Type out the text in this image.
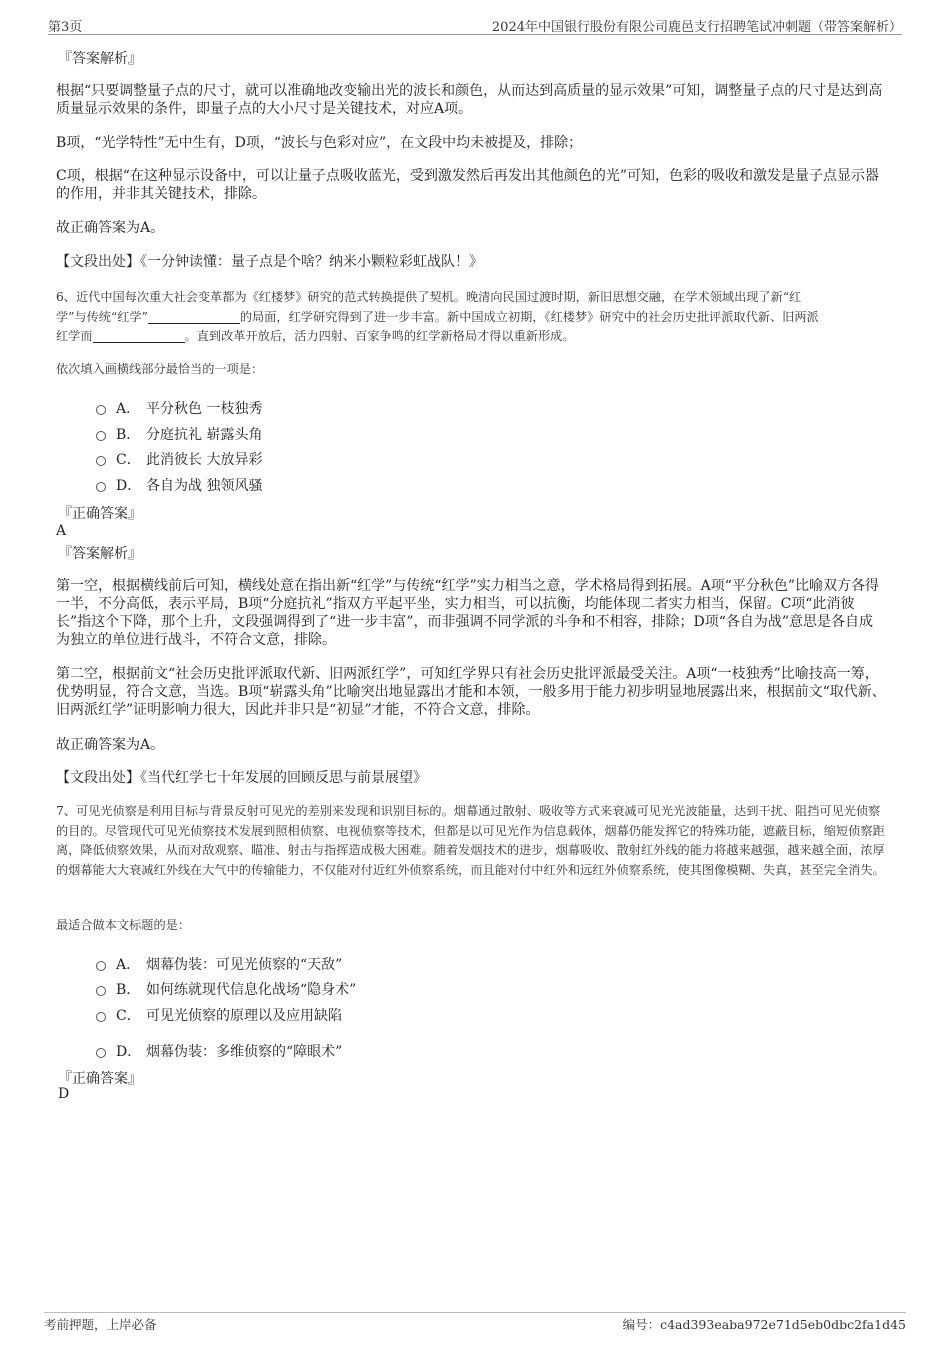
第3页	2024年中国银行股份有限公司鹿邑支行招聘笔试冲刺题（带答案解析）
『答案解析』

根据“只要调整量子点的尺寸，就可以准确地改变输出光的波长和颜色，从而达到高质量的显示效果”可知，调整量子点的尺寸是达到高质量显示效果的条件，即量子点的大小尺寸是关键技术，对应A项。

B项，“光学特性”无中生有，D项，“波长与色彩对应”，在文段中均未被提及，排除；

C项，根据“在这种显示设备中，可以让量子点吸收蓝光，受到激发然后再发出其他颜色的光”可知，色彩的吸收和激发是量子点显示器的作用，并非其关键技术，排除。

故正确答案为A。

【文段出处】《一分钟读懂：量子点是个啥？纳米小颗粒彩虹战队！》

6、近代中国每次重大社会变革都为《红楼梦》研究的范式转换提供了契机。晚清向民国过渡时期，新旧思想交融，在学术领域出现了新“红
学”与传统“红学”	的局面，红学研究得到了进一步丰富。新中国成立初期，《红楼梦》研究中的社会历史批评派取代新、旧两派
红学而	。直到改革开放后，活力四射、百家争鸣的红学新格局才得以重新形成。

依次填入画横线部分最恰当的一项是：

A． 平分秋色 一枝独秀
B． 分庭抗礼 崭露头角
C． 此消彼长 大放异彩
D． 各自为战 独领风骚
『正确答案』
A
『答案解析』

第一空，根据横线前后可知，横线处意在指出新“红学”与传统“红学”实力相当之意，学术格局得到拓展。A项“平分秋色”比喻双方各得一半，不分高低，表示平局，B项“分庭抗礼”指双方平起平坐，实力相当，可以抗衡，均能体现二者实力相当，保留。C项“此消彼长”指这个下降，那个上升，文段强调得到了“进一步丰富”，而非强调不同学派的斗争和不相容，排除；D项“各自为战”意思是各自成为独立的单位进行战斗，不符合文意，排除。

第二空，根据前文“社会历史批评派取代新、旧两派红学”，可知红学界只有社会历史批评派最受关注。A项“一枝独秀”比喻技高一筹，优势明显，符合文意，当选。B项“崭露头角”比喻突出地显露出才能和本领，一般多用于能力初步明显地展露出来，根据前文“取代新、旧两派红学”证明影响力很大，因此并非只是“初显”才能，不符合文意，排除。

故正确答案为A。

【文段出处】《当代红学七十年发展的回顾反思与前景展望》

7、可见光侦察是利用目标与背景反射可见光的差别来发现和识别目标的。烟幕通过散射、吸收等方式来衰减可见光光波能量，达到干扰、阻挡可见光侦察的目的。尽管现代可见光侦察技术发展到照相侦察、电视侦察等技术，但都是以可见光作为信息载体，烟幕仍能发挥它的特殊功能，遮蔽目标，缩短侦察距离，降低侦察效果，从而对敌观察、瞄准、射击与指挥造成极大困难。随着发烟技术的进步，烟幕吸收、散射红外线的能力将越来越强，越来越全面，浓厚的烟幕能大大衰减红外线在大气中的传输能力，不仅能对付近红外侦察系统，而且能对付中红外和远红外侦察系统，使其图像模糊、失真，甚至完全消失。

最适合做本文标题的是：

A． 烟幕伪装：可见光侦察的“天敌”
B． 如何练就现代信息化战场“隐身术”
C． 可见光侦察的原理以及应用缺陷
D． 烟幕伪装：多维侦察的“障眼术”
『正确答案』
D
考前押题，上岸必备	编号：c4ad393eaba972e71d5eb0dbc2fa1d45
